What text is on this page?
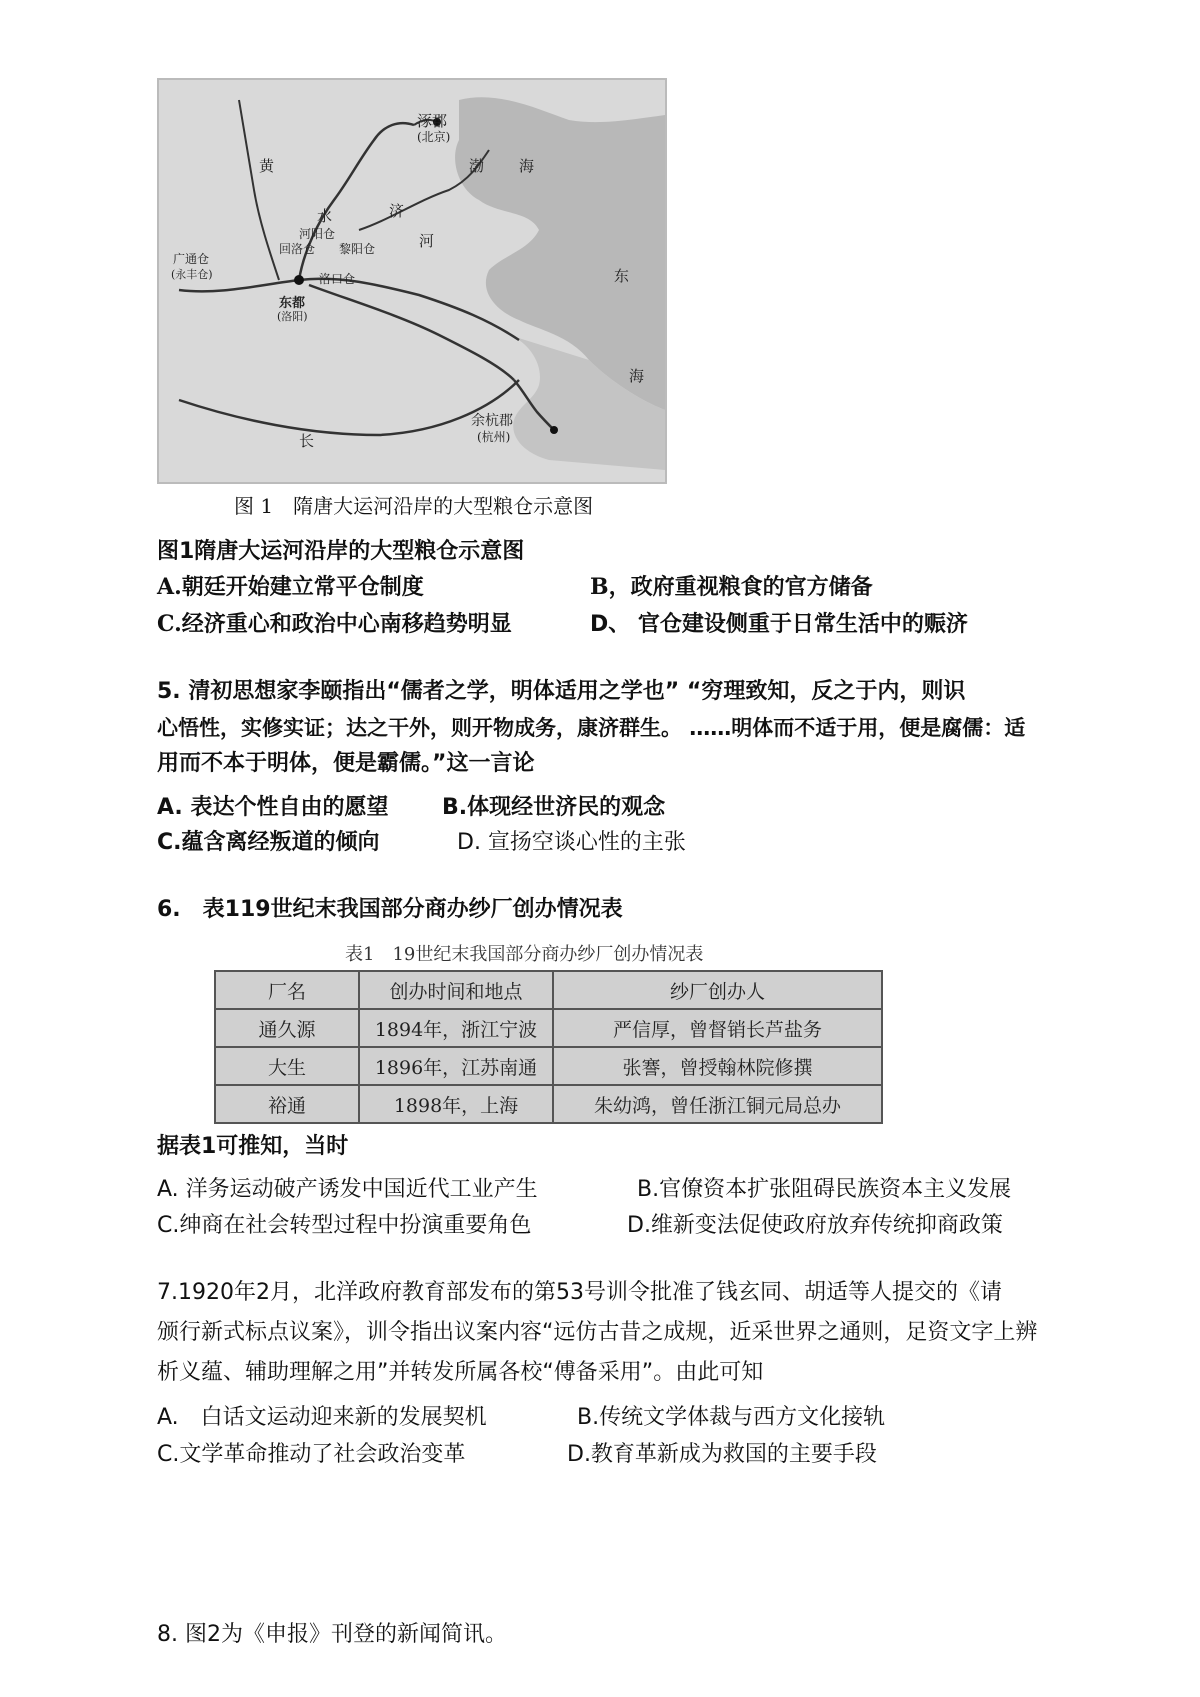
涿郡
(北京)
渤 海
东
海
黄
水
河
济
余杭郡
(杭州)
长
广通仓
(永丰仓)
东都
(洛阳)
洛口仓
黎阳仓
回洛仓
河阳仓
图 1　隋唐大运河沿岸的大型粮仓示意图
图1隋唐大运河沿岸的大型粮仓示意图
A.朝廷开始建立常平仓制度	B，政府重视粮食的官方储备
C.经济重心和政治中心南移趋势明显	D、 官仓建设侧重于日常生活中的赈济
5. 清初思想家李颐指出“儒者之学，明体适用之学也” “穷理致知，反之于内，则识
心悟性，实修实证；达之干外，则开物成务，康济群生。 ……明体而不适于用，便是腐儒：适
用而不本于明体，便是霸儒。”这一言论
A. 表达个性自由的愿望 B.体现经世济民的观念
C.蕴含离经叛道的倾向	D. 宣扬空谈心性的主张
6.　表119世纪末我国部分商办纱厂创办情况表
表1　19世纪末我国部分商办纱厂创办情况表
厂名	创办时间和地点	纱厂创办人
通久源	1894年，浙江宁波	严信厚，曾督销长芦盐务
大生	1896年，江苏南通	张謇，曾授翰林院修撰
裕通	1898年，上海	朱幼鸿，曾任浙江铜元局总办
据表1可推知，当时
A. 洋务运动破产诱发中国近代工业产生	B.官僚资本扩张阻碍民族资本主义发展
C.绅商在社会转型过程中扮演重要角色	D.维新变法促使政府放弃传统抑商政策
7.1920年2月，北洋政府教育部发布的第53号训令批准了钱玄同、胡适等人提交的《请
颁行新式标点议案》，训令指出议案内容“远仿古昔之成规，近采世界之通则，足资文字上辨
析义蕴、辅助理解之用”并转发所属各校“傅备采用”。由此可知
A.　白话文运动迎来新的发展契机	B.传统文学体裁与西方文化接轨
C.文学革命推动了社会政治变革	D.教育革新成为救国的主要手段
8. 图2为《申报》刊登的新闻简讯。
